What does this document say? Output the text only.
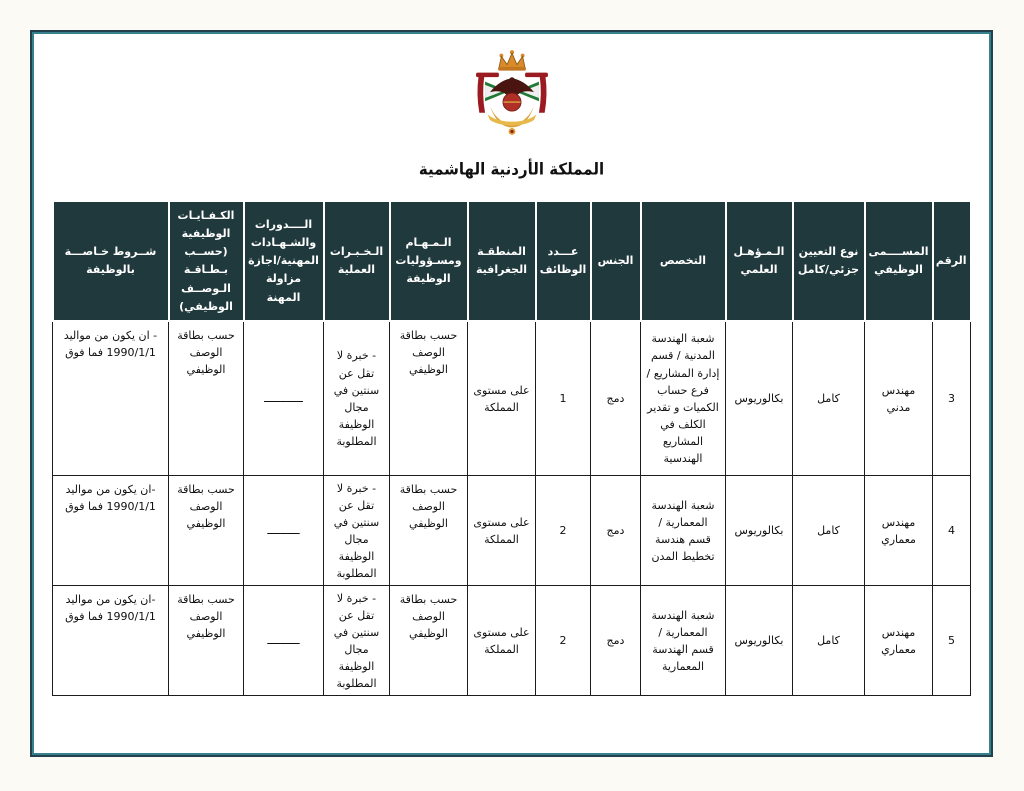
المملكة الأردنية الهاشمية
الرقم	المســــمى الوظيفي	نوع التعيين جزئي/كامل	الـمـؤهـل العلمي	التخصص	الجنس	عـــدد الوظائف	المنطقـة الجغرافية	الـمـهـام ومسـؤوليات الوظيفة	الـخـبـرات العملية	الــــدورات والشـهـادات المهنية/اجازة مزاولة المهنة	الكـفـايـات الوظيفية (حســب بـطـاقـة الـوصــف الوظيفي)	شــروط خـاصـــة بالوظيفة
3	مهندس مدني	كامل	بكالوريوس	شعبة الهندسة المدنية / قسم إدارة المشاريع / فرع حساب الكميات و تقدير الكلف في المشاريع الهندسية	دمج	1	على مستوى المملكة	حسب بطاقة الوصف الوظيفي	- خبرة لا تقل عن سنتين في مجال الوظيفة المطلوبة	ــــــــــــ	حسب بطاقة الوصف الوظيفي	- ان يكون من مواليد 1990/1/1 فما فوق
4	مهندس معماري	كامل	بكالوريوس	شعبة الهندسة المعمارية / قسم هندسة تخطيط المدن	دمج	2	على مستوى المملكة	حسب بطاقة الوصف الوظيفي	- خبرة لا تقل عن سنتين في مجال الوظيفة المطلوبة	ــــــــــ	حسب بطاقة الوصف الوظيفي	-ان يكون من مواليد 1990/1/1 فما فوق
5	مهندس معماري	كامل	بكالوريوس	شعبة الهندسة المعمارية / قسم الهندسة المعمارية	دمج	2	على مستوى المملكة	حسب بطاقة الوصف الوظيفي	- خبرة لا تقل عن سنتين في مجال الوظيفة المطلوبة	ــــــــــ	حسب بطاقة الوصف الوظيفي	-ان يكون من مواليد 1990/1/1 فما فوق
